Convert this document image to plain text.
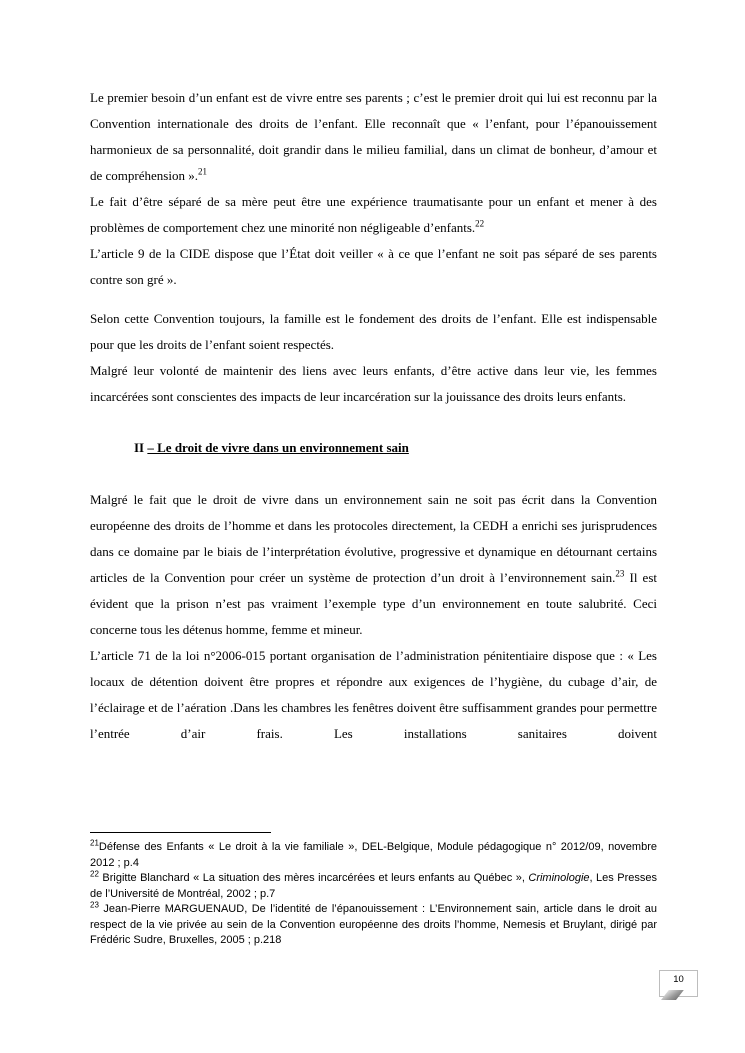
Le premier besoin d’un enfant est de vivre entre ses parents ; c’est le premier droit qui lui est reconnu par la Convention internationale des droits de l’enfant. Elle reconnaît que « l’enfant, pour l’épanouissement harmonieux de sa personnalité, doit grandir dans le milieu familial, dans un climat de bonheur, d’amour et de compréhension ».$^{21}$

Le fait d’être séparé de sa mère peut être une expérience traumatisante pour un enfant et mener à des problèmes de comportement chez une minorité non négligeable d’enfants.$^{22}$

L’article 9 de la CIDE dispose que l’État doit veiller « à ce que l’enfant ne soit pas séparé de ses parents contre son gré ».

Selon cette Convention toujours, la famille est le fondement des droits de l’enfant. Elle est indispensable pour que les droits de l’enfant soient respectés.

Malgré leur volonté de maintenir des liens avec leurs enfants, d’être active dans leur vie, les femmes incarcérées sont conscientes des impacts de leur incarcération sur la jouissance des droits leurs enfants.

II – Le droit de vivre dans un environnement sain

Malgré le fait que le droit de vivre dans un environnement sain ne soit pas écrit dans la Convention européenne des droits de l’homme et dans les protocoles directement, la CEDH a enrichi ses jurisprudences dans ce domaine par le biais de l’interprétation évolutive, progressive et dynamique en détournant certains articles de la Convention pour créer un système de protection d’un droit à l’environnement sain.$^{23}$ Il est évident que la prison n’est pas vraiment l’exemple type d’un environnement en toute salubrité. Ceci concerne tous les détenus homme, femme et mineur.

L’article 71 de la loi n°2006-015 portant organisation de l’administration pénitentiaire dispose que : « Les locaux de détention doivent être propres et répondre aux exigences de l’hygiène, du cubage d’air, de l’éclairage et de l’aération .Dans les chambres les fenêtres doivent être suffisamment grandes pour permettre l’entrée d’air frais. Les installations sanitaires doivent

$^{21}$Défense des Enfants « Le droit à la vie familiale », DEL-Belgique, Module pédagogique n° 2012/09, novembre 2012 ; p.4

$^{22}$ Brigitte Blanchard « La situation des mères incarcérées et leurs enfants au Québec », Criminologie, Les Presses de l’Université de Montréal, 2002 ; p.7

$^{23}$ Jean-Pierre MARGUENAUD, De l’identité de l’épanouissement : L’Environnement sain, article dans le droit au respect de la vie privée au sein de la Convention européenne des droits l’homme, Nemesis et Bruylant, dirigé par Frédéric Sudre, Bruxelles, 2005 ; p.218

10
